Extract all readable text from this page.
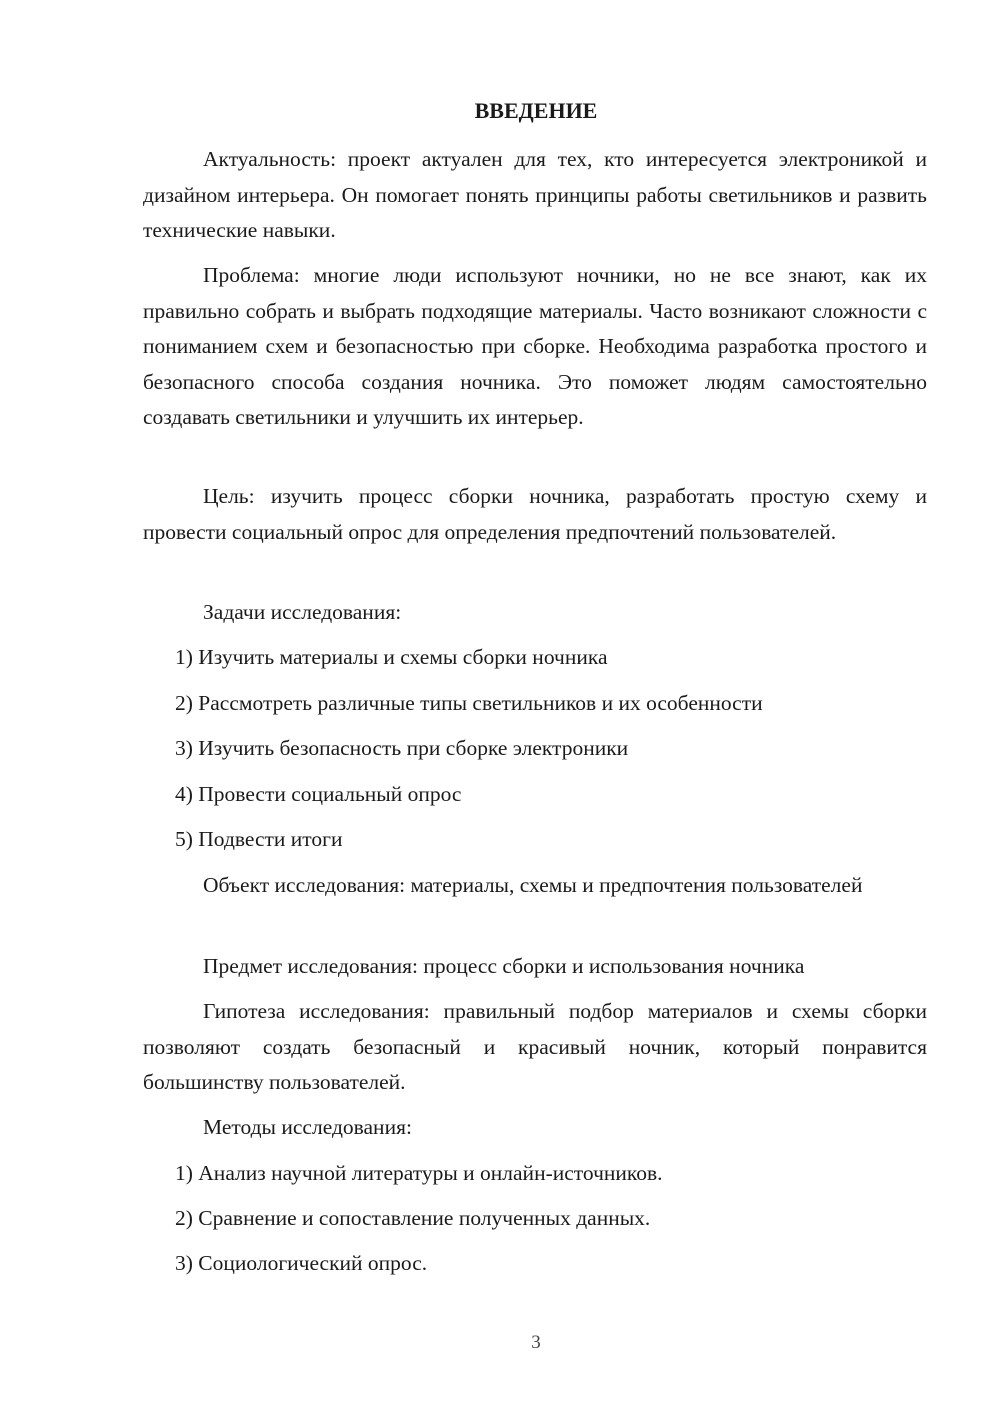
ВВЕДЕНИЕ

Актуальность: проект актуален для тех, кто интересуется электроникой и дизайном интерьера. Он помогает понять принципы работы светильников и развить технические навыки.

Проблема: многие люди используют ночники, но не все знают, как их правильно собрать и выбрать подходящие материалы. Часто возникают сложности с пониманием схем и безопасностью при сборке. Необходима разработка простого и безопасного способа создания ночника. Это поможет людям самостоятельно создавать светильники и улучшить их интерьер.

Цель: изучить процесс сборки ночника, разработать простую схему и провести социальный опрос для определения предпочтений пользователей.

Задачи исследования:
1) Изучить материалы и схемы сборки ночника
2) Рассмотреть различные типы светильников и их особенности
3) Изучить безопасность при сборке электроники
4) Провести социальный опрос
5) Подвести итоги

Объект исследования: материалы, схемы и предпочтения пользователей

Предмет исследования: процесс сборки и использования ночника

Гипотеза исследования: правильный подбор материалов и схемы сборки позволяют создать безопасный и красивый ночник, который понравится большинству пользователей.

Методы исследования:
1) Анализ научной литературы и онлайн-источников.
2) Сравнение и сопоставление полученных данных.
3) Социологический опрос.
3
